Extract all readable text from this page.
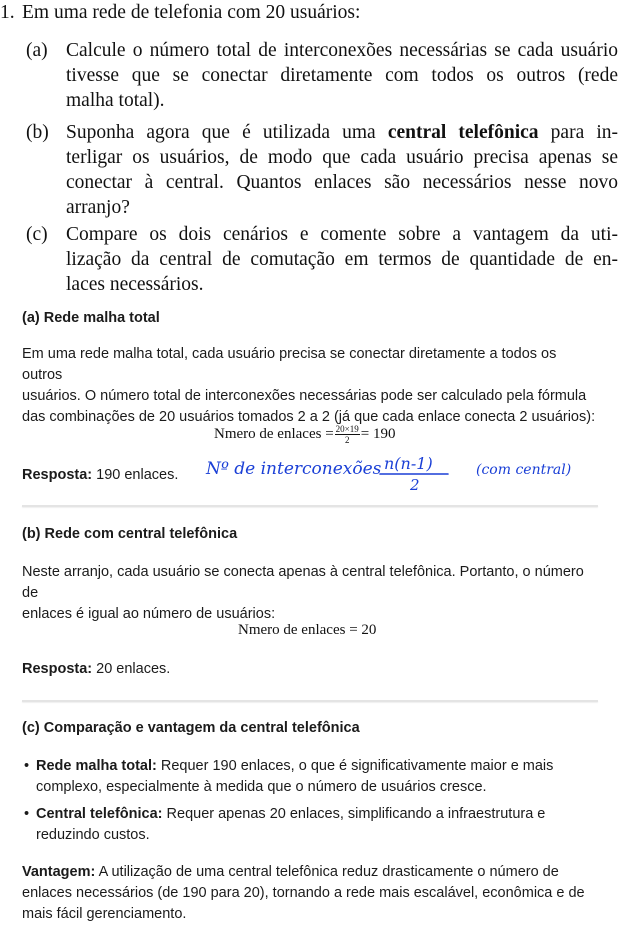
1. Em uma rede de telefonia com 20 usuários:
(a) Calcule o número total de interconexões necessárias se cada usuário
tivesse que se conectar diretamente com todos os outros (rede
malha total).
(b) Suponha agora que é utilizada uma central telefônica para in-
terligar os usuários, de modo que cada usuário precisa apenas se
conectar à central. Quantos enlaces são necessários nesse novo
arranjo?
(c) Compare os dois cenários e comente sobre a vantagem da uti-
lização da central de comutação em termos de quantidade de en-
laces necessários.
(a) Rede malha total
Em uma rede malha total, cada usuário precisa se conectar diretamente a todos os outros
usuários. O número total de interconexões necessárias pode ser calculado pela fórmula
das combinações de 20 usuários tomados 2 a 2 (já que cada enlace conecta 2 usuários):
Nmero de enlaces = $\frac{20\times 19}{2} = 190$
Resposta: 190 enlaces.	Nº de interconexões n(n-1)
2
(com central)
(b) Rede com central telefônica
Neste arranjo, cada usuário se conecta apenas à central telefônica. Portanto, o número de
enlaces é igual ao número de usuários:
Nmero de enlaces = 20
Resposta: 20 enlaces.
(c) Comparação e vantagem da central telefônica
• Rede malha total: Requer 190 enlaces, o que é significativamente maior e mais
complexo, especialmente à medida que o número de usuários cresce.
• Central telefônica: Requer apenas 20 enlaces, simplificando a infraestrutura e
reduzindo custos.
Vantagem: A utilização de uma central telefônica reduz drasticamente o número de
enlaces necessários (de 190 para 20), tornando a rede mais escalável, econômica e de
mais fácil gerenciamento.
